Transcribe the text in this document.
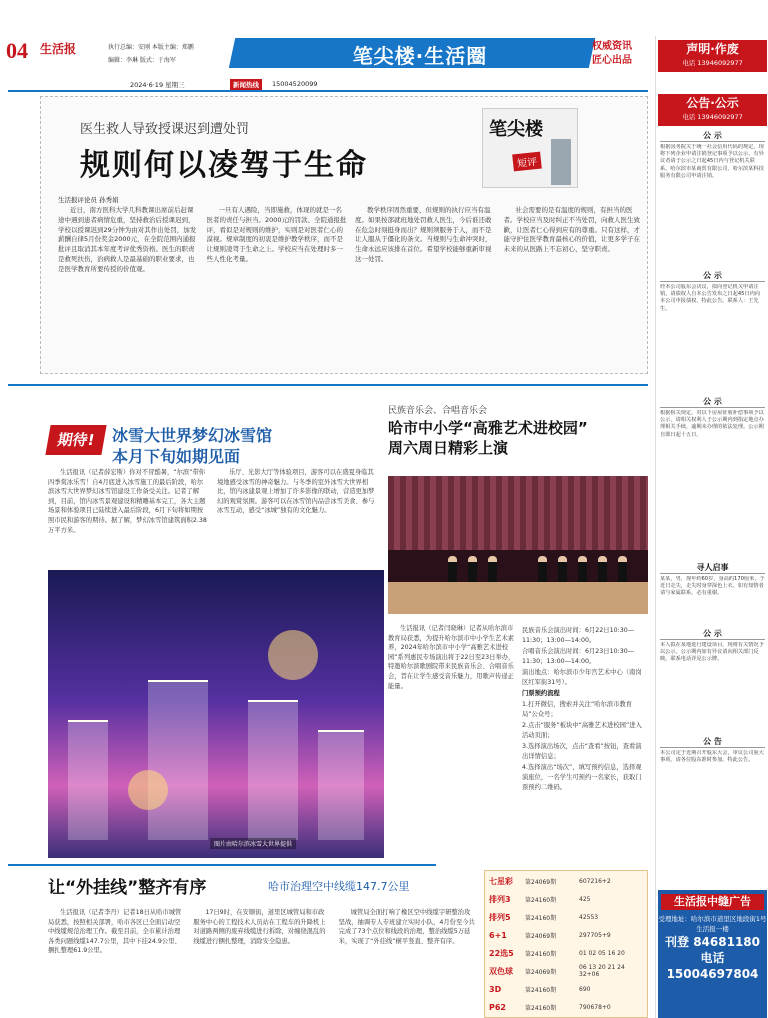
04 生活报	执行总编：安刚 本版主编：郑鹏
编辑：李琳 版式：于海军	笔尖楼·生活圈	权威资讯
匠心出品
2024·6·19 星期三	新闻热线	15004520099
医生救人导致授课迟到遭处罚
规则何以凌驾于生命
笔尖楼
短评
生活报评论员 孙秀娟
近日，南方医科大学几科教课出席前后赶课途中遇到患者病情危重，坚持救治后授课迟到，学校以授课迟到29分钟为由对其作出处罚，加发薪酬自律5月份奖金2000元，在全院范围内通报批评且取消其本年度考评优秀资格。医生的职责是救死扶伤，治病救人是最基础的职业要求，也是医学教育所要传授的价值观。
一旦有人遇险，当即施救，体现的就是一名医者的责任与担当。2000元的罚款、全院通报批评，看似是对规则的维护，实则是对医者仁心的漠视。规章制度的初衷是维护教学秩序，而不是让规则凌驾于生命之上。学校应当在处理时多一些人性化考量。
教学秩序固然重要，但规则的执行应当有温度。如果按部就班地处罚救人医生，今后谁还敢在危急时刻挺身而出？规则须服务于人，而不是让人服从于僵化的条文。当规则与生命冲突时，生命永远应该排在首位。希望学校能够重新审视这一处罚。
社会需要的是有温度的规则，有担当的医者。学校应当及时纠正不当处罚，向救人医生致歉，让医者仁心得到应有的尊重。只有这样，才能守护住医学教育最核心的价值，让更多学子在未来的从医路上不忘初心、坚守职责。
期待! 冰雪大世界梦幻冰雪馆
本月下旬如期见面
生活报讯（记者薛宏斯）你对不冒酷暑，“尔滨”带你四季赏冰乐雪！自4月底进入冰雪施工的最后阶段，哈尔滨冰雪大世界梦幻冰雪馆建设工作备受关注。记者了解到，目前，馆内冰雪景观建设和精雕基本完工，各大主题场景和体验项目已陆续进入最后阶段，6月下旬将如期按照市民和游客的期待。据了解，梦幻冰雪馆建筑面积2.38万平方米。
乐厅、光影大厅等体验项目，游客可以在盛夏身临其境地感受冰雪的神奇魅力。与冬季的室外冰雪大世界相比，馆内冰建景观上增加了许多影像的联动，营造更加梦幻的观赏氛围。游客可以在冰雪馆内品尝冰雪美食、参与冰雪互动，感受“冰城”独有的文化魅力。
图片由哈尔滨冰雪大世界提供
民族音乐会、合唱音乐会
哈市中小学“高雅艺术进校园”
周六周日精彩上演
生活报讯（记者闫晓琳）记者从哈尔滨市教育局获悉，为提升哈尔滨市中小学生艺术素养，2024年哈尔滨市中小学“高雅艺术进校园”系列惠民专场演出将于22日至23日举办，特邀哈尔滨歌剧院带来民族音乐会、合唱音乐会，旨在让学生感受音乐魅力，用歌声传递正能量。

民族音乐会演出时间：6月22日10:30—11:30；13:00—14:00。

合唱音乐会演出时间：6月23日10:30—11:30；13:00—14:00。

演出地点：哈尔滨市少年宫艺术中心（南岗区红军街31号）。

门票预约流程

1.打开微信，搜索并关注“哈尔滨市教育局”公众号；

2.点击“服务”板块中“高雅艺术进校园”进入活动页面；

3.选择演出场次，点击“查看”按钮，查看演出详情信息；

4.选择演出“场次”，填写预约信息，选择观演座位，一名学生可预约一名家长，获取门票预约二维码。

让“外挂线”整齐有序	哈市治理空中线缆147.7公里
生活报讯（记者李丹）记者18日从哈市城管局获悉，按照相关部署，哈市各区已全面启动空中线缆规范治理工作。截至目前，全市累计治理各类问题线缆147.7公里，其中下挂24.9公里、捆扎整理61.9公里。
17日9时，在安顺街，道里区城管局和市政服务中心的工程技术人员站在工程车的升降机上对道路两侧的废弃线缆进行拆除，对缠绕混乱的线缆进行捆扎整理，消除安全隐患。
城管局全面打响了橡区空中线缆宇研整治攻坚战，抽调专人专班建立实时小队，4月份至今共完成了73个点位和线段的治理，整治线缆5万延米，实现了“外挂线”横平竖直、整齐有序。
七星彩	第24069期	607216+2
排列3	第24160期	425
排列5	第24160期	42553
6+1	第24069期	297705+9
22选5	第24160期	01 02 05 16 20
双色球	第24069期
06 13 20 21 24 32+06
3D	第24160期	690
P62	第24160期	790678+0
声明·作废
电话 13946092977
公告·公示
电话 13946092977
公 示
根据国务院关于统一社会信用代码的规定，现将下列企业申请注销登记事项予以公示，有异议者请于公示之日起45日内与登记机关联系。哈尔滨市某商贸有限公司、哈尔滨某科技服务有限公司申请注销。
公 示
经本公司股东会决议，拟向登记机关申请注销，请债权人自本公告发布之日起45日内向本公司申报债权，特此公告。联系人：王先生。
公 示
根据相关规定，对以下房屋征收补偿事项予以公示，请相关权利人于公示期内到指定地点办理相关手续，逾期未办理的依法处理。公示期自即日起十五日。
寻人启事
某某，男，现年约60岁，身高约170厘米，于近日走失，走失时身穿深色上衣。如有知情者请与家属联系，必有重谢。
公 示
本人拟在某地进行建设项目，现将有关情况予以公示，公示期内如有异议请向相关部门反映。联系电话详见公示牌。
公 告
本公司定于近期召开股东大会，审议公司重大事项，请各位股东准时参加。特此公告。
生活报中缝广告
受理地址：哈尔滨市道里区地段街1号生活报一楼
刊登 84681180
电话 15004697804
